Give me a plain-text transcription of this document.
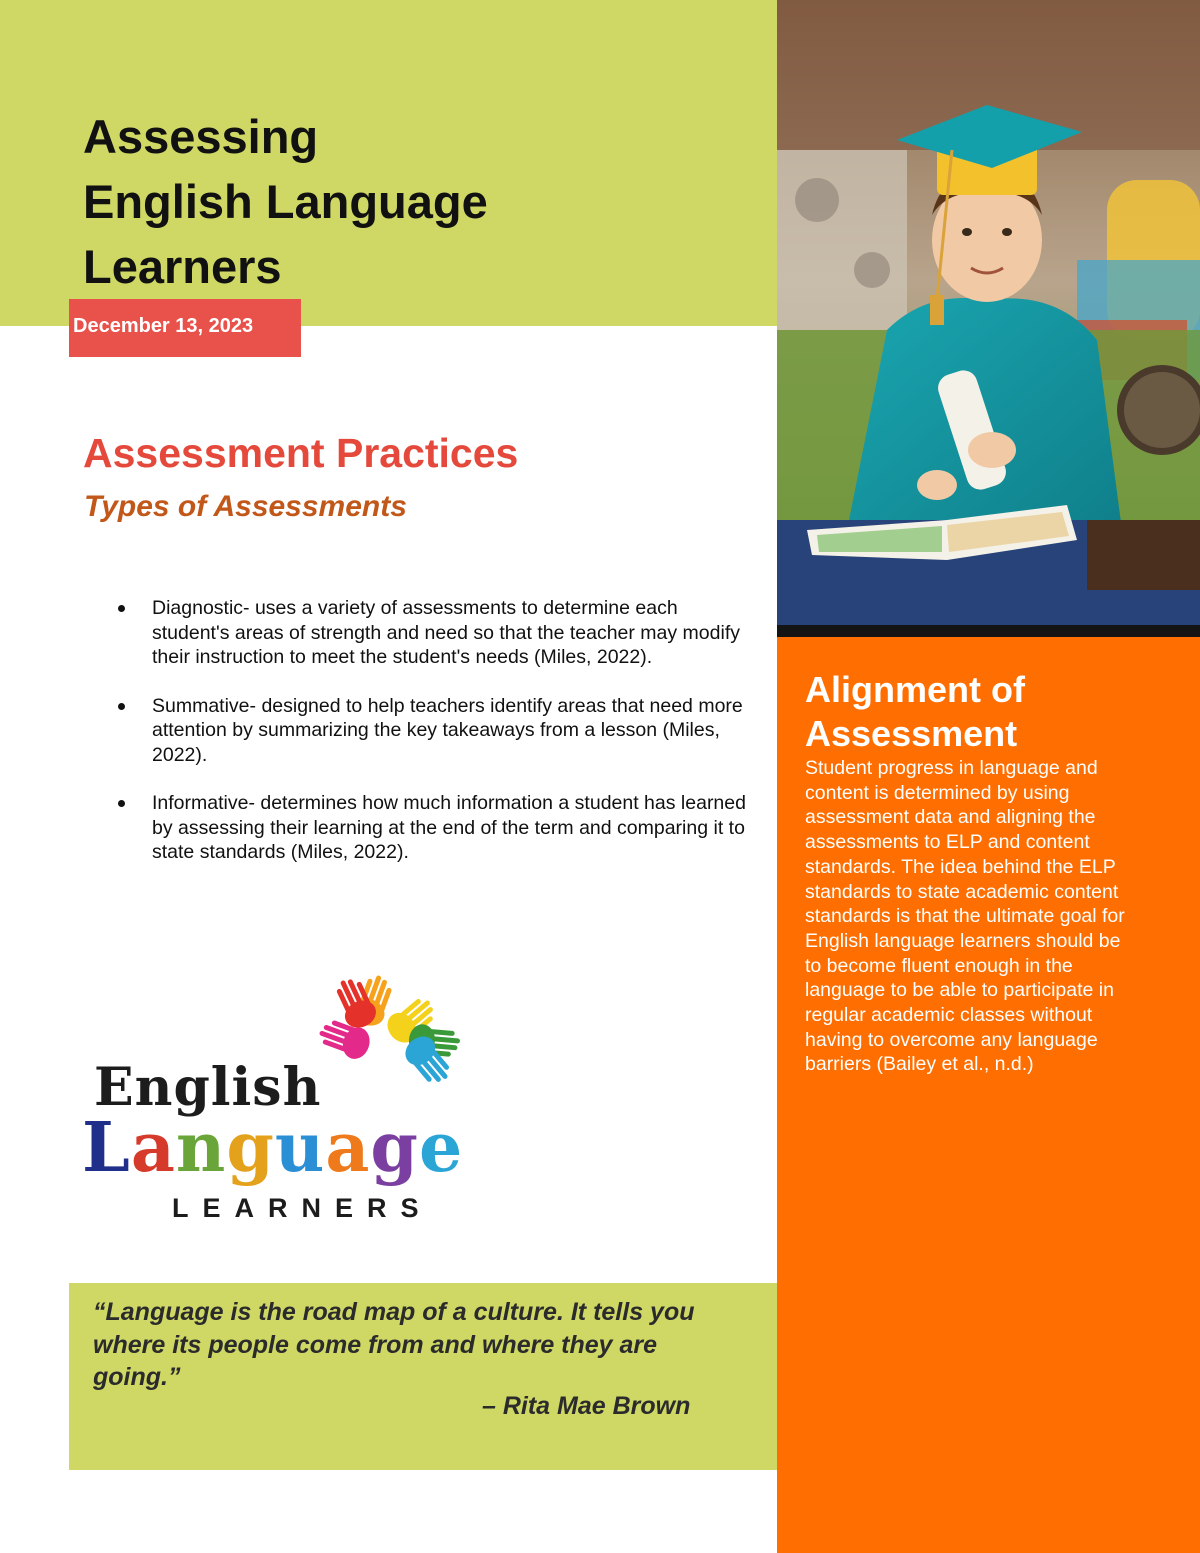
Assessing
English Language
Learners
December 13, 2023
Assessment Practices
Types of Assessments
Diagnostic- uses a variety of assessments to determine each student's areas of strength and need so that the teacher may modify their instruction to meet the student's needs (Miles, 2022).
Summative- designed to help teachers identify areas that need more attention by summarizing the key takeaways from a lesson (Miles, 2022).
Informative- determines how much information a student has learned by assessing their learning at the end of the term and comparing it to state standards (Miles, 2022).
English
Language
LEARNERS

“Language is the road map of a culture. It tells you where its people come from and where they are going.”

– Rita Mae Brown
Alignment of Assessment

Student progress in language and content is determined by using assessment data and aligning the assessments to ELP and content standards. The idea behind the ELP standards to state academic content standards is that the ultimate goal for English language learners should be to become fluent enough in the language to be able to participate in regular academic classes without having to overcome any language barriers (Bailey et al., n.d.)
